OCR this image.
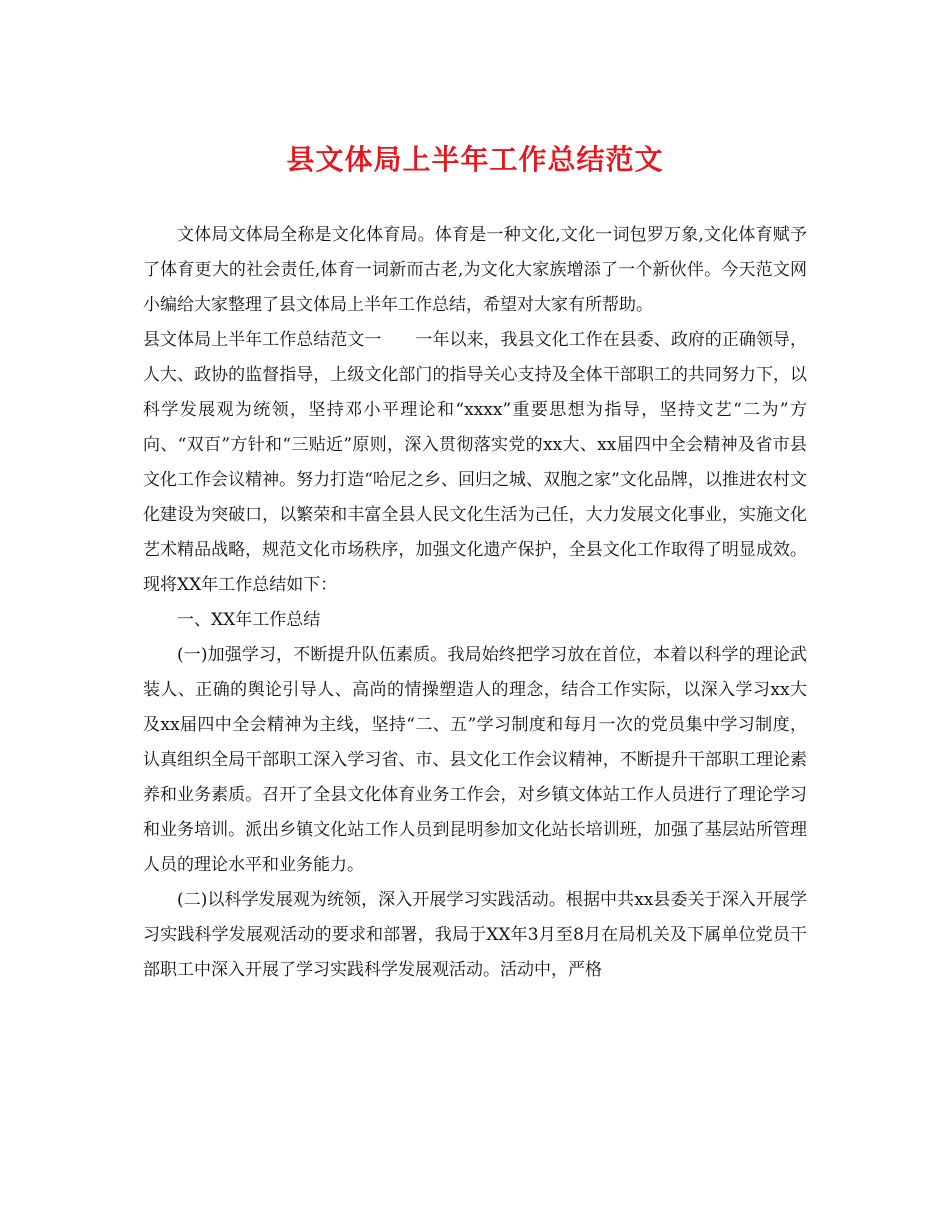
县文体局上半年工作总结范文

文体局文体局全称是文化体育局。体育是一种文化,文化一词包罗万象,文化体育赋予了体育更大的社会责任,体育一词新而古老,为文化大家族增添了一个新伙伴。今天范文网小编给大家整理了县文体局上半年工作总结，希望对大家有所帮助。

县文体局上半年工作总结范文一　　一年以来，我县文化工作在县委、政府的正确领导，人大、政协的监督指导，上级文化部门的指导关心支持及全体干部职工的共同努力下，以科学发展观为统领，坚持邓小平理论和“xxxx”重要思想为指导，坚持文艺“二为”方向、“双百”方针和“三贴近”原则，深入贯彻落实党的xx大、xx届四中全会精神及省市县文化工作会议精神。努力打造“哈尼之乡、回归之城、双胞之家”文化品牌，以推进农村文化建设为突破口，以繁荣和丰富全县人民文化生活为己任，大力发展文化事业，实施文化艺术精品战略，规范文化市场秩序，加强文化遗产保护，全县文化工作取得了明显成效。现将XX年工作总结如下：

一、XX年工作总结

(一)加强学习，不断提升队伍素质。我局始终把学习放在首位，本着以科学的理论武装人、正确的舆论引导人、高尚的情操塑造人的理念，结合工作实际，以深入学习xx大及xx届四中全会精神为主线，坚持“二、五”学习制度和每月一次的党员集中学习制度，认真组织全局干部职工深入学习省、市、县文化工作会议精神，不断提升干部职工理论素养和业务素质。召开了全县文化体育业务工作会，对乡镇文体站工作人员进行了理论学习和业务培训。派出乡镇文化站工作人员到昆明参加文化站长培训班，加强了基层站所管理人员的理论水平和业务能力。

(二)以科学发展观为统领，深入开展学习实践活动。根据中共xx县委关于深入开展学习实践科学发展观活动的要求和部署，我局于XX年3月至8月在局机关及下属单位党员干部职工中深入开展了学习实践科学发展观活动。活动中，严格
